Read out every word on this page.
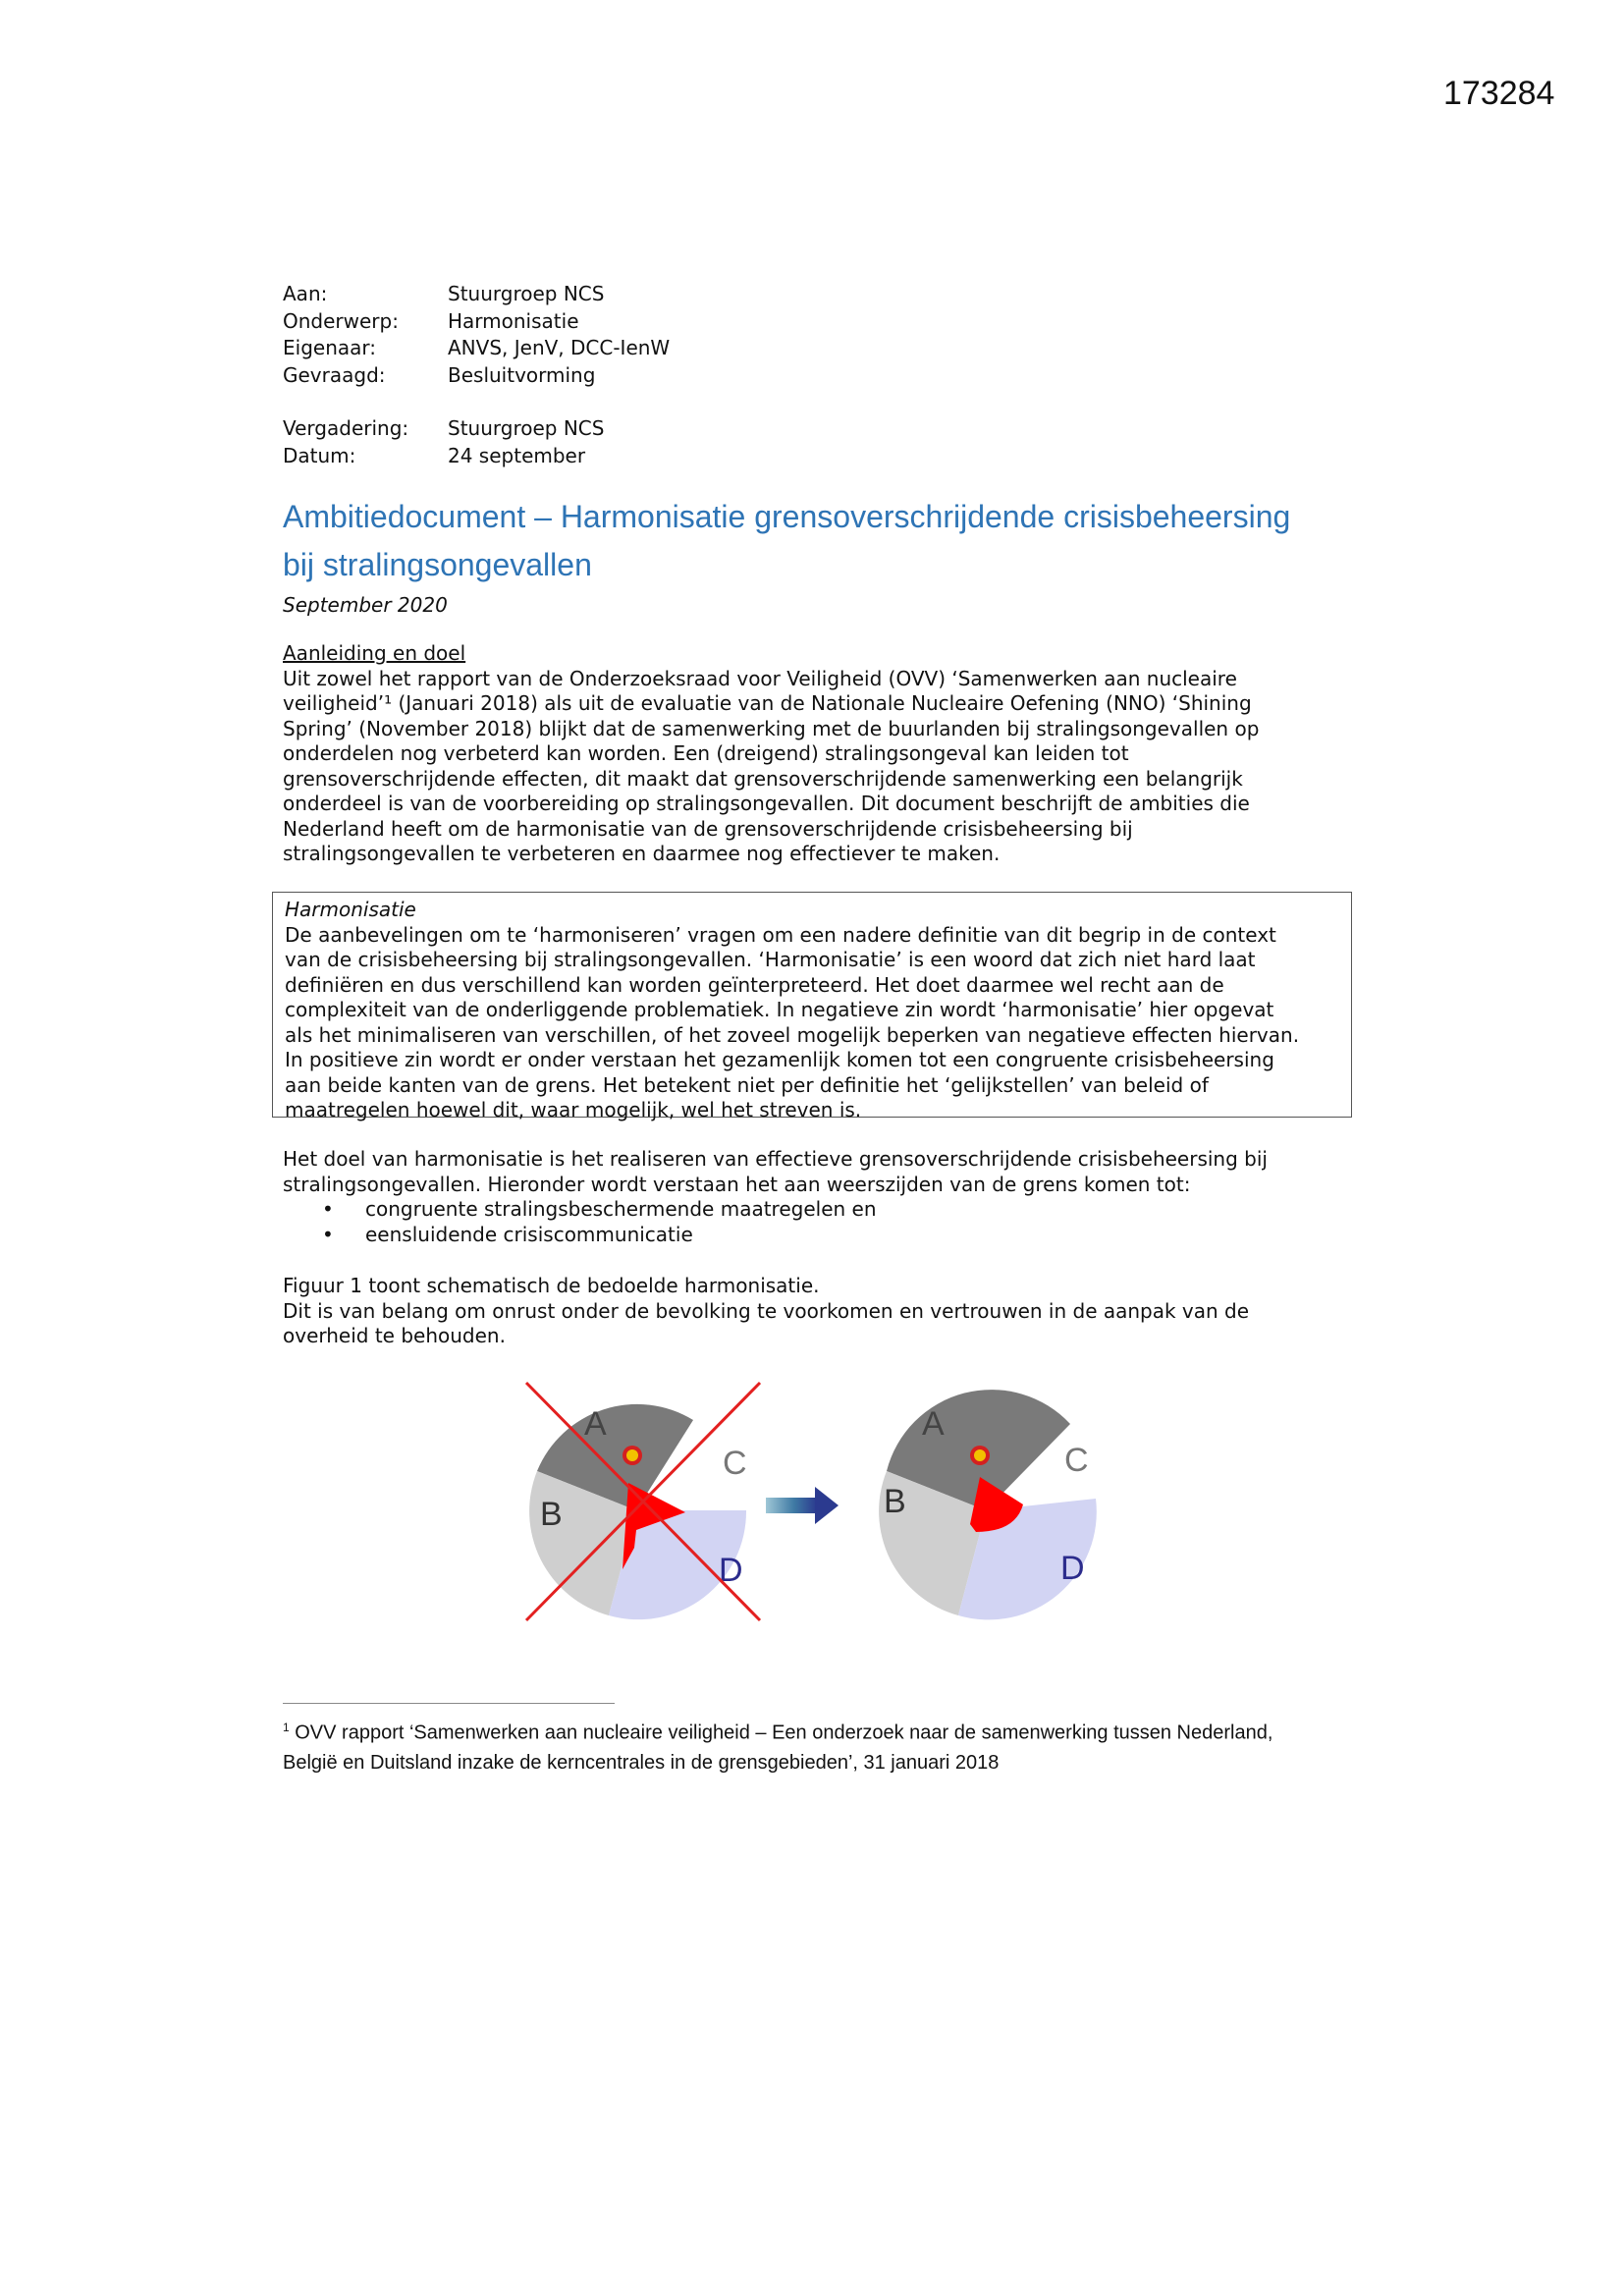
173284
Aan:	Stuurgroep NCS
Onderwerp:	Harmonisatie
Eigenaar:	ANVS, JenV, DCC-IenW
Gevraagd:	Besluitvorming
Vergadering:	Stuurgroep NCS
Datum:	24 september
Ambitiedocument – Harmonisatie grensoverschrijdende crisisbeheersing
bij stralingsongevallen
September 2020

Aanleiding en doel

Uit zowel het rapport van de Onderzoeksraad voor Veiligheid (OVV) ‘Samenwerken aan nucleaire
veiligheid’¹ (Januari 2018) als uit de evaluatie van de Nationale Nucleaire Oefening (NNO) ‘Shining
Spring’ (November 2018) blijkt dat de samenwerking met de buurlanden bij stralingsongevallen op
onderdelen nog verbeterd kan worden. Een (dreigend) stralingsongeval kan leiden tot
grensoverschrijdende effecten, dit maakt dat grensoverschrijdende samenwerking een belangrijk
onderdeel is van de voorbereiding op stralingsongevallen. Dit document beschrijft de ambities die
Nederland heeft om de harmonisatie van de grensoverschrijdende crisisbeheersing bij
stralingsongevallen te verbeteren en daarmee nog effectiever te maken.

Harmonisatie

De aanbevelingen om te ‘harmoniseren’ vragen om een nadere definitie van dit begrip in de context
van de crisisbeheersing bij stralingsongevallen. ‘Harmonisatie’ is een woord dat zich niet hard laat
definiëren en dus verschillend kan worden geïnterpreteerd. Het doet daarmee wel recht aan de
complexiteit van de onderliggende problematiek. In negatieve zin wordt ‘harmonisatie’ hier opgevat
als het minimaliseren van verschillen, of het zoveel mogelijk beperken van negatieve effecten hiervan.
In positieve zin wordt er onder verstaan het gezamenlijk komen tot een congruente crisisbeheersing
aan beide kanten van de grens. Het betekent niet per definitie het ‘gelijkstellen’ van beleid of
maatregelen hoewel dit, waar mogelijk, wel het streven is.

Het doel van harmonisatie is het realiseren van effectieve grensoverschrijdende crisisbeheersing bij
stralingsongevallen. Hieronder wordt verstaan het aan weerszijden van de grens komen tot:

• congruente stralingsbeschermende maatregelen en
• eensluidende crisiscommunicatie

Figuur 1 toont schematisch de bedoelde harmonisatie.
Dit is van belang om onrust onder de bevolking te voorkomen en vertrouwen in de aanpak van de
overheid te behouden.

A
B
C
D
A
B
C
D
$^1$ OVV rapport ‘Samenwerken aan nucleaire veiligheid – Een onderzoek naar de samenwerking tussen Nederland,
België en Duitsland inzake de kerncentrales in de grensgebieden’, 31 januari 2018
